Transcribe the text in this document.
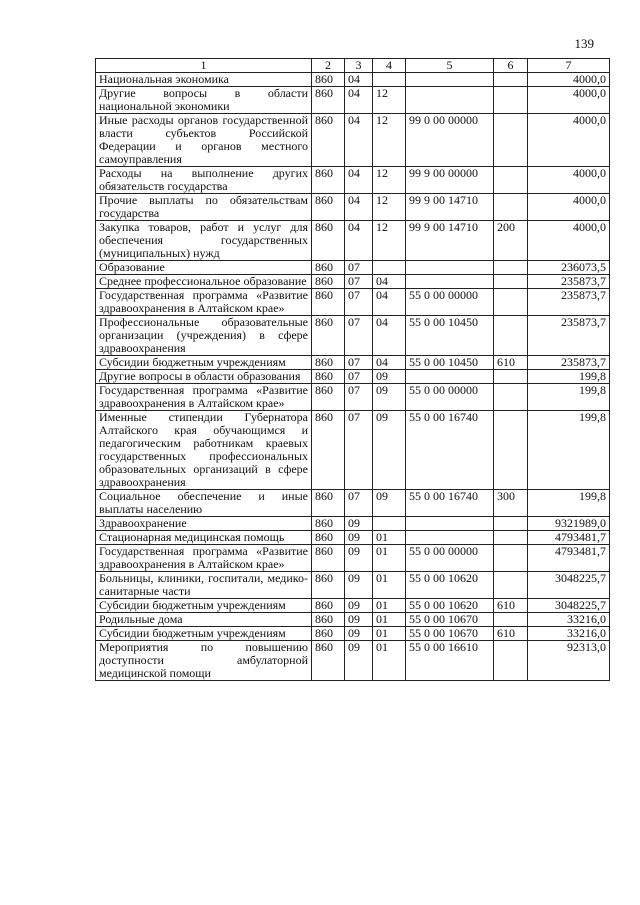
139
1	2	3	4	5	6	7
Национальная экономика	860	04				4000,0
Другие вопросы в области национальной экономики	860	04	12			4000,0
Иные расходы органов государственной власти субъектов Российской Федерации и органов местного самоуправления	860	04	12	99 0 00 00000		4000,0
Расходы на выполнение других обязательств государства	860	04	12	99 9 00 00000		4000,0
Прочие выплаты по обязательствам государства	860	04	12	99 9 00 14710		4000,0
Закупка товаров, работ и услуг для обеспечения государственных (муниципальных) нужд	860	04	12	99 9 00 14710	200	4000,0
Образование	860	07				236073,5
Среднее профессиональное образование	860	07	04			235873,7
Государственная программа «Развитие здравоохранения в Алтайском крае»	860	07	04	55 0 00 00000		235873,7
Профессиональные образовательные организации (учреждения) в сфере здравоохранения	860	07	04	55 0 00 10450		235873,7
Субсидии бюджетным учреждениям	860	07	04	55 0 00 10450	610	235873,7
Другие вопросы в области образования	860	07	09			199,8
Государственная программа «Развитие здравоохранения в Алтайском крае»	860	07	09	55 0 00 00000		199,8
Именные стипендии Губернатора Алтайского края обучающимся и педагогическим работникам краевых государственных профессиональных образовательных организаций в сфере здравоохранения	860	07	09	55 0 00 16740		199,8
Социальное обеспечение и иные выплаты населению	860	07	09	55 0 00 16740	300	199,8
Здравоохранение	860	09				9321989,0
Стационарная медицинская помощь	860	09	01			4793481,7
Государственная программа «Развитие здравоохранения в Алтайском крае»	860	09	01	55 0 00 00000		4793481,7
Больницы, клиники, госпитали, медико-санитарные части	860	09	01	55 0 00 10620		3048225,7
Субсидии бюджетным учреждениям	860	09	01	55 0 00 10620	610	3048225,7
Родильные дома	860	09	01	55 0 00 10670		33216,0
Субсидии бюджетным учреждениям	860	09	01	55 0 00 10670	610	33216,0
Мероприятия по повышению доступности амбулаторной медицинской помощи	860	09	01	55 0 00 16610		92313,0
